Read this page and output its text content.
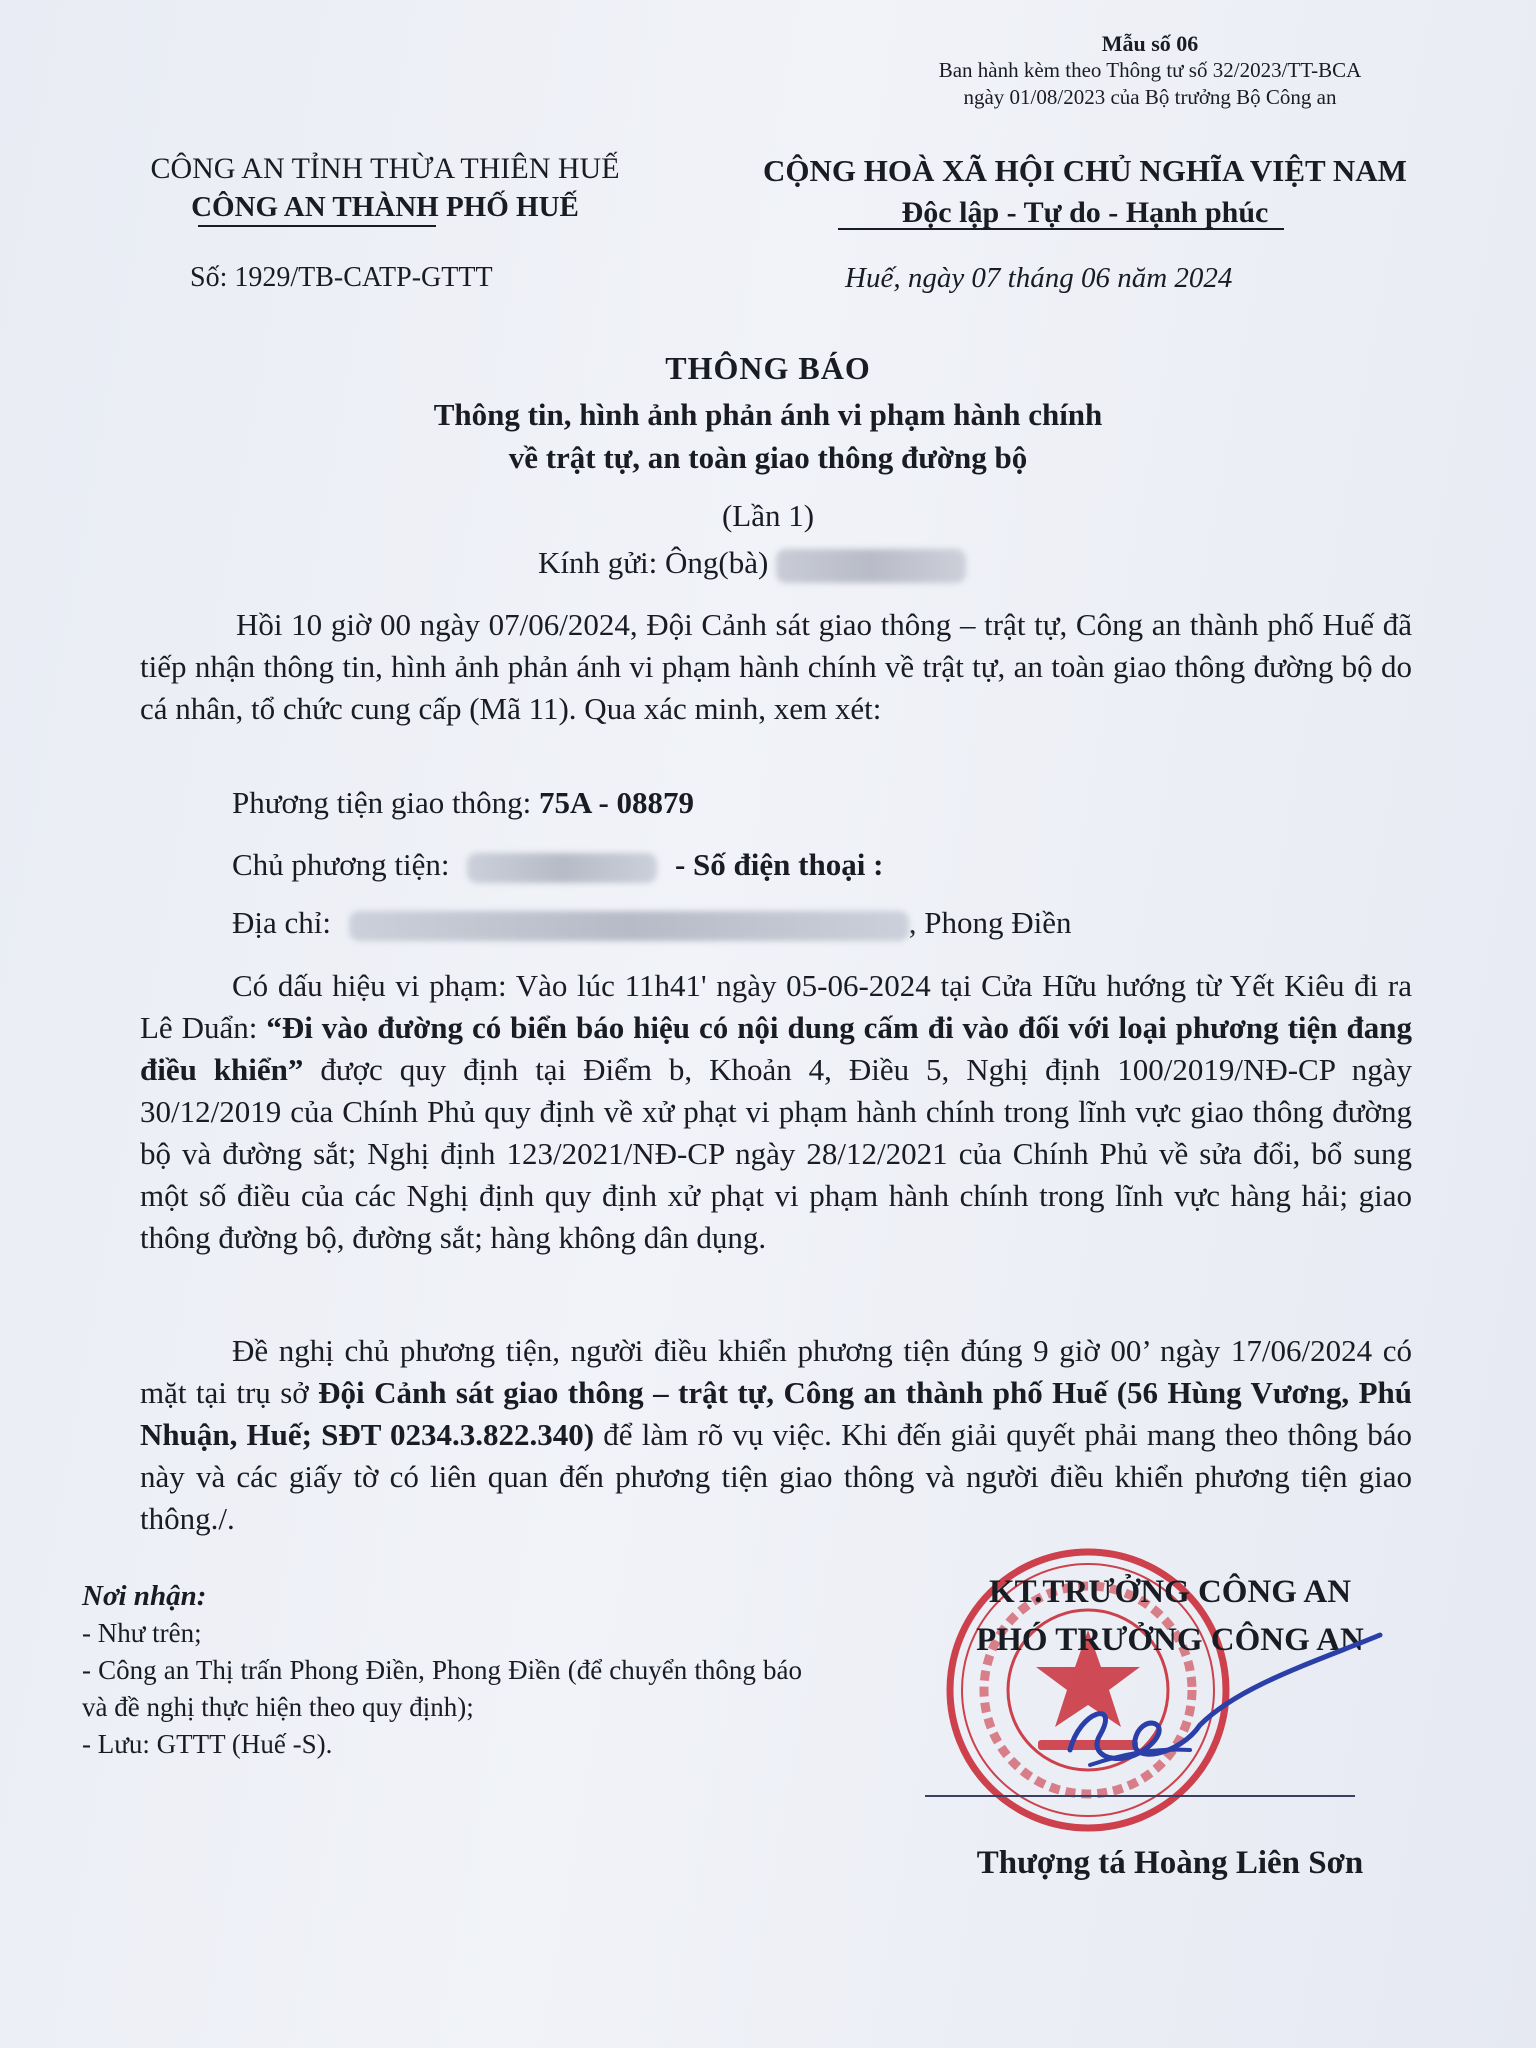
Mẫu số 06
Ban hành kèm theo Thông tư số 32/2023/TT-BCA
ngày 01/08/2023 của Bộ trưởng Bộ Công an
CÔNG AN TỈNH THỪA THIÊN HUẾ
CÔNG AN THÀNH PHỐ HUẾ
CỘNG HOÀ XÃ HỘI CHỦ NGHĨA VIỆT NAM
Độc lập - Tự do - Hạnh phúc
Số: 1929/TB-CATP-GTTT	Huế, ngày 07 tháng 06 năm 2024
THÔNG BÁO
Thông tin, hình ảnh phản ánh vi phạm hành chính
về trật tự, an toàn giao thông đường bộ
(Lần 1)
Kính gửi: Ông(bà)
Hồi 10 giờ 00 ngày 07/06/2024, Đội Cảnh sát giao thông – trật tự, Công an thành phố Huế đã tiếp nhận thông tin, hình ảnh phản ánh vi phạm hành chính về trật tự, an toàn giao thông đường bộ do cá nhân, tổ chức cung cấp (Mã 11). Qua xác minh, xem xét:
Phương tiện giao thông: 75A - 08879
Chủ phương tiện:	- Số điện thoại :
Địa chỉ:	, Phong Điền
Có dấu hiệu vi phạm: Vào lúc 11h41' ngày 05-06-2024 tại Cửa Hữu hướng từ Yết Kiêu đi ra Lê Duẩn: “Đi vào đường có biển báo hiệu có nội dung cấm đi vào đối với loại phương tiện đang điều khiển” được quy định tại Điểm b, Khoản 4, Điều 5, Nghị định 100/2019/NĐ-CP ngày 30/12/2019 của Chính Phủ quy định về xử phạt vi phạm hành chính trong lĩnh vực giao thông đường bộ và đường sắt; Nghị định 123/2021/NĐ-CP ngày 28/12/2021 của Chính Phủ về sửa đổi, bổ sung một số điều của các Nghị định quy định xử phạt vi phạm hành chính trong lĩnh vực hàng hải; giao thông đường bộ, đường sắt; hàng không dân dụng.
Đề nghị chủ phương tiện, người điều khiển phương tiện đúng 9 giờ 00’ ngày 17/06/2024 có mặt tại trụ sở Đội Cảnh sát giao thông – trật tự, Công an thành phố Huế (56 Hùng Vương, Phú Nhuận, Huế; SĐT 0234.3.822.340) để làm rõ vụ việc. Khi đến giải quyết phải mang theo thông báo này và các giấy tờ có liên quan đến phương tiện giao thông và người điều khiển phương tiện giao thông./.
Nơi nhận:
- Như trên;
- Công an Thị trấn Phong Điền, Phong Điền (để chuyển thông báo và đề nghị thực hiện theo quy định);
- Lưu: GTTT (Huế -S).
KT.TRƯỞNG CÔNG AN
PHÓ TRƯỞNG CÔNG AN
Thượng tá Hoàng Liên Sơn
